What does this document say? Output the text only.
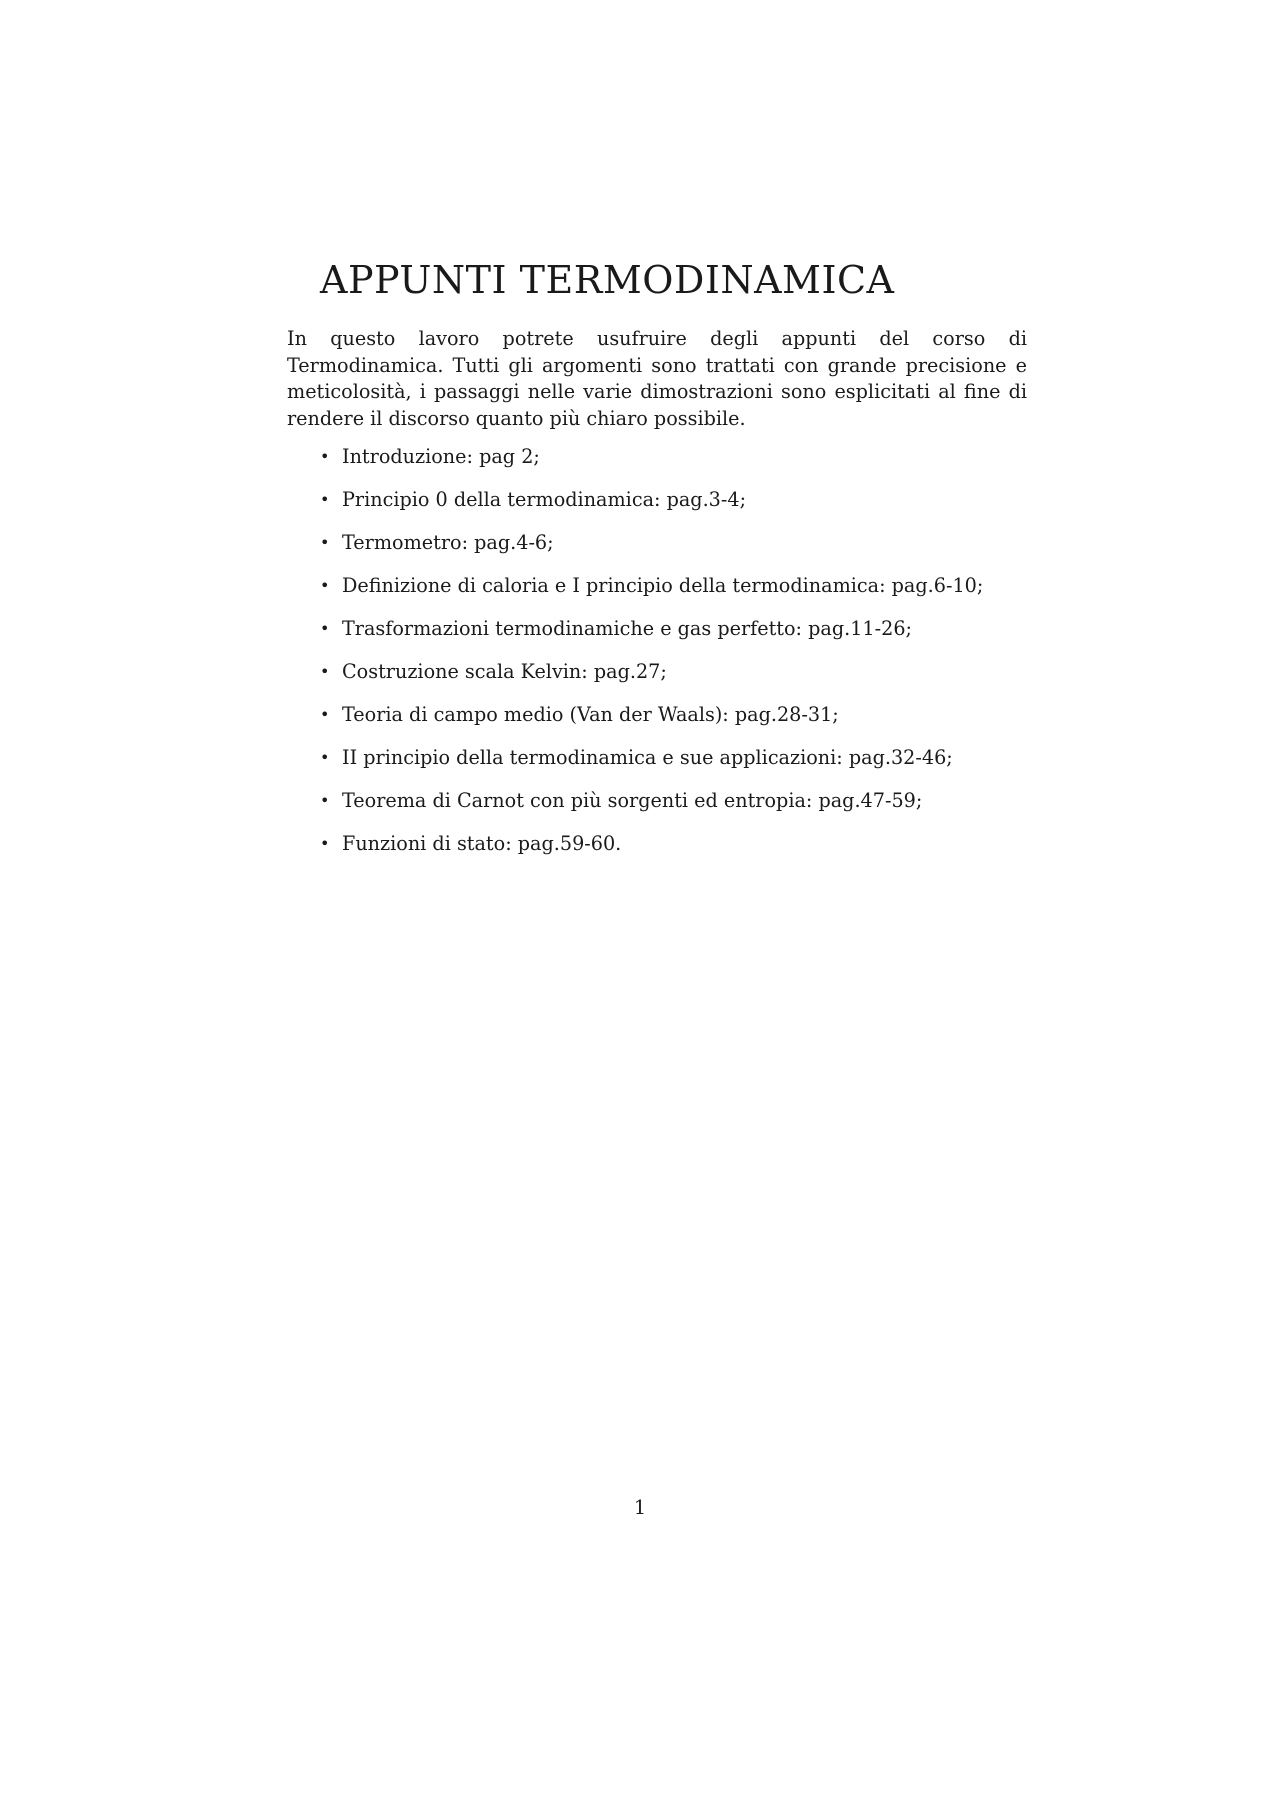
APPUNTI TERMODINAMICA

In questo lavoro potrete usufruire degli appunti del corso di Termodinamica. Tutti gli argomenti sono trattati con grande precisione e meticolosità, i passaggi nelle varie dimostrazioni sono esplicitati al fine di rendere il discorso quanto più chiaro possibile.

• Introduzione: pag 2;
• Principio 0 della termodinamica: pag.3-4;
• Termometro: pag.4-6;
• Definizione di caloria e I principio della termodinamica: pag.6-10;
• Trasformazioni termodinamiche e gas perfetto: pag.11-26;
• Costruzione scala Kelvin: pag.27;
• Teoria di campo medio (Van der Waals): pag.28-31;
• II principio della termodinamica e sue applicazioni: pag.32-46;
• Teorema di Carnot con più sorgenti ed entropia: pag.47-59;
• Funzioni di stato: pag.59-60.
1
